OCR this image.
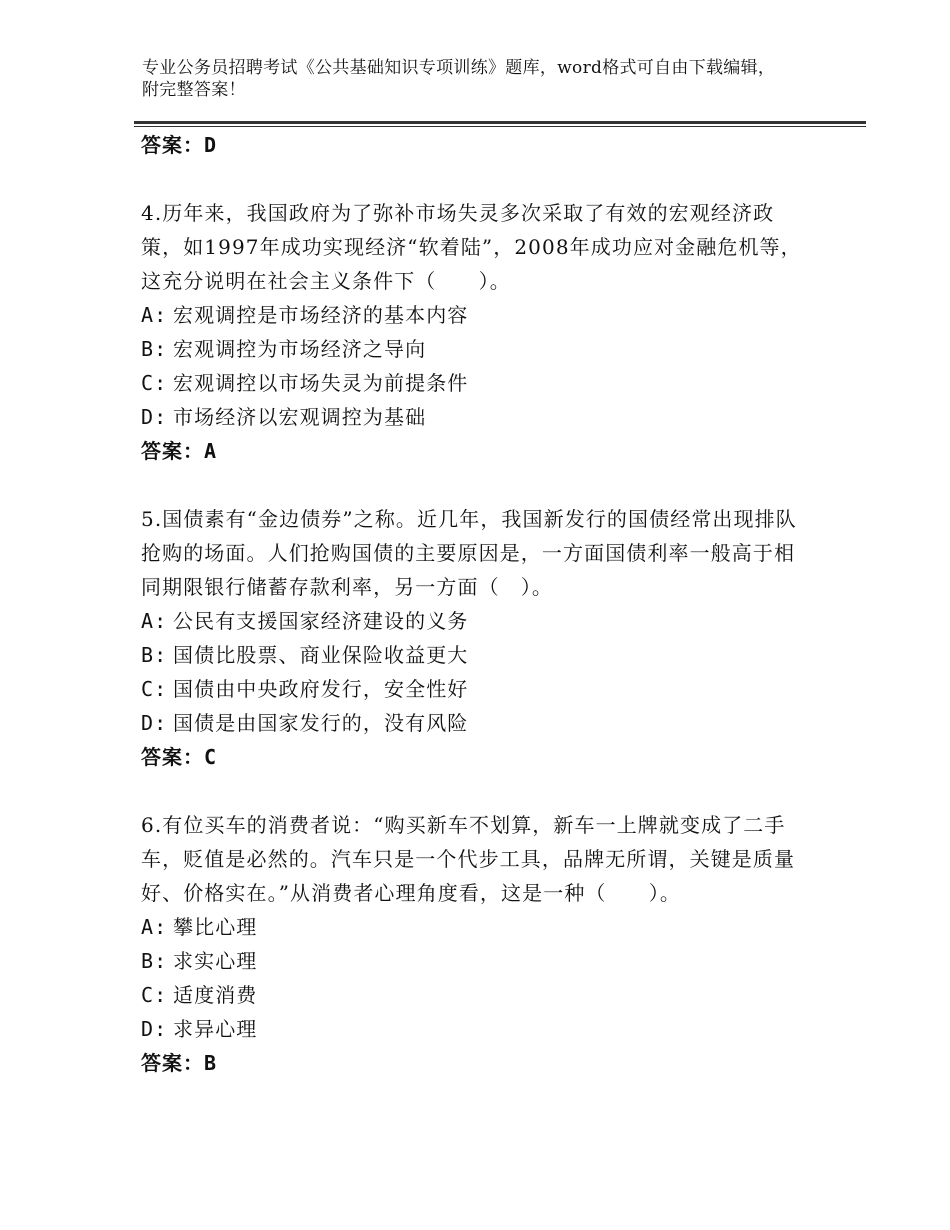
专业公务员招聘考试《公共基础知识专项训练》题库，word格式可自由下载编辑，附完整答案！
答案：D
4.历年来，我国政府为了弥补市场失灵多次采取了有效的宏观经济政策，如1997年成功实现经济“软着陆”，2008年成功应对金融危机等，这充分说明在社会主义条件下（　　）。
A: 宏观调控是市场经济的基本内容
B: 宏观调控为市场经济之导向
C: 宏观调控以市场失灵为前提条件
D: 市场经济以宏观调控为基础
答案：A
5.国债素有“金边债券”之称。近几年，我国新发行的国债经常出现排队抢购的场面。人们抢购国债的主要原因是，一方面国债利率一般高于相同期限银行储蓄存款利率，另一方面（　）。
A: 公民有支援国家经济建设的义务
B: 国债比股票、商业保险收益更大
C: 国债由中央政府发行，安全性好
D: 国债是由国家发行的，没有风险
答案：C
6.有位买车的消费者说：“购买新车不划算，新车一上牌就变成了二手车，贬值是必然的。汽车只是一个代步工具，品牌无所谓，关键是质量好、价格实在。”从消费者心理角度看，这是一种（　　）。
A: 攀比心理
B: 求实心理
C: 适度消费
D: 求异心理
答案：B
